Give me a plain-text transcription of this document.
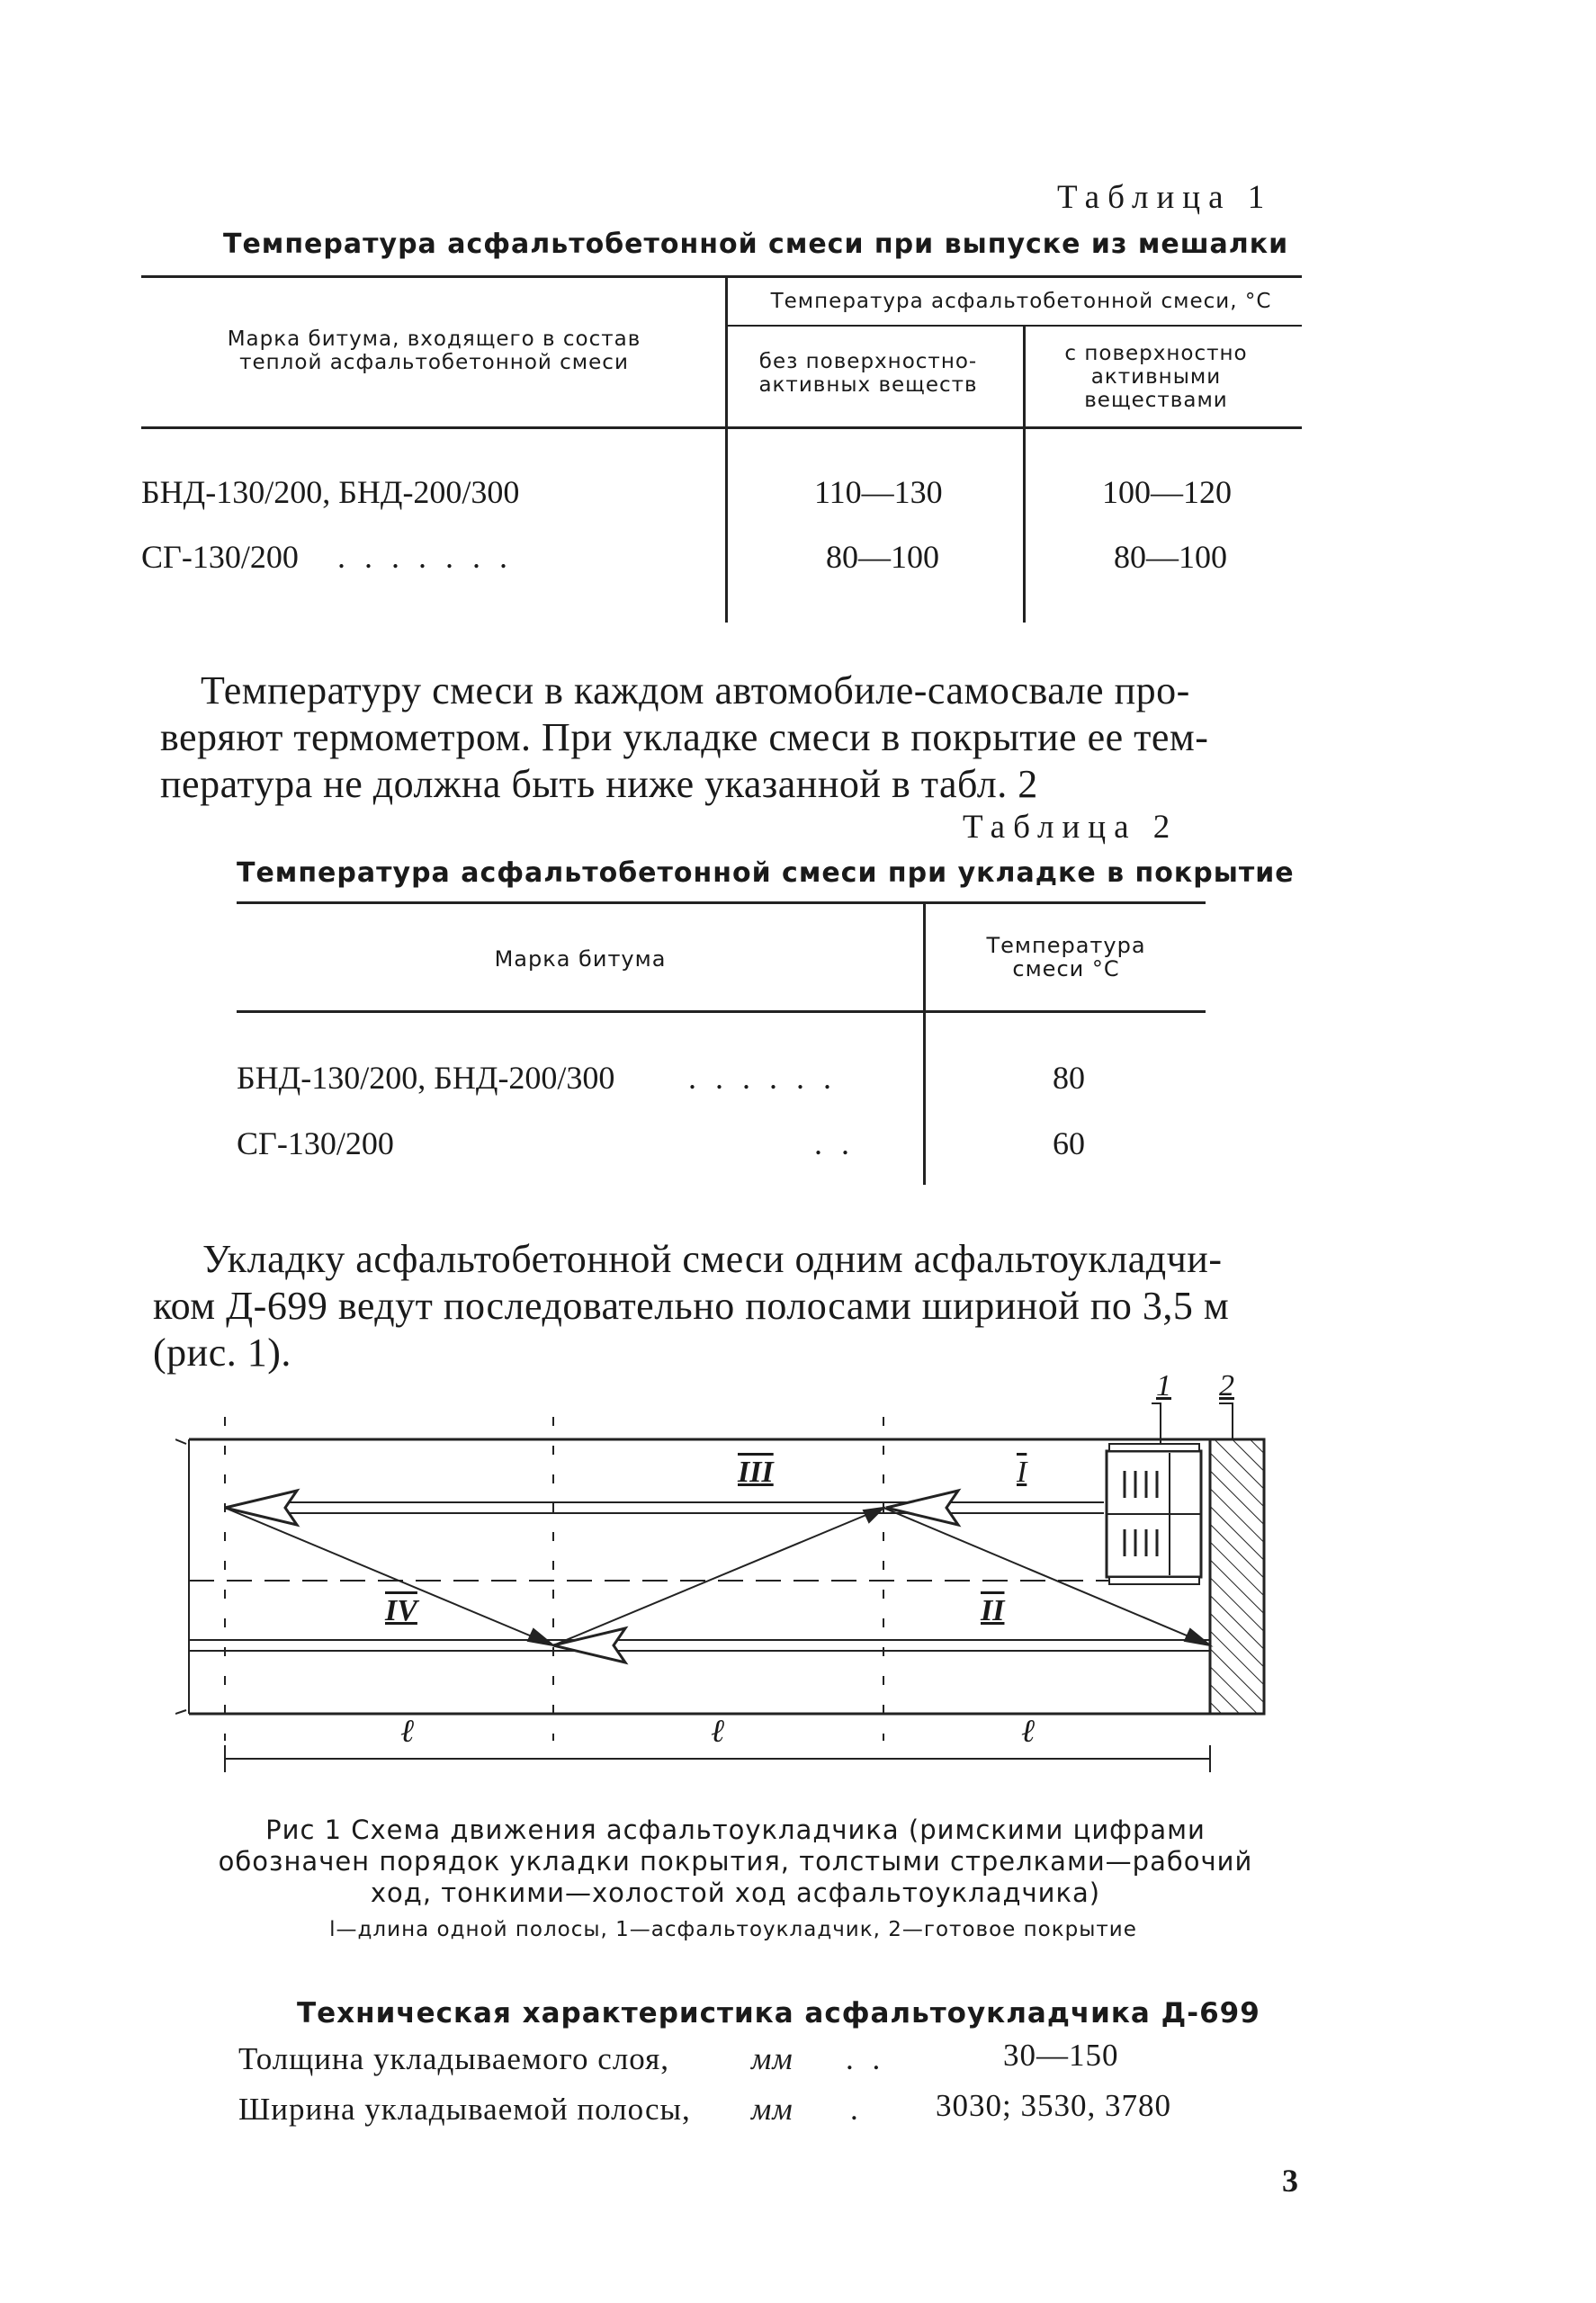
Таблица 1
Температура асфальтобетонной смеси при выпуске из мешалки
Марка битума, входящего в состав теплой асфальтобетонной смеси
Температура асфальтобетонной смеси, °С
без поверхностно-активных веществ
с поверхностно активными веществами
БНД-130/200, БНД-200/300	110—130	100—120
СГ-130/200 . . . . . . .	80—100	80—100

Температуру смеси в каждом автомобиле-самосвале про-

веряют термометром. При укладке смеси в покрытие ее тем-

пература не должна быть ниже указанной в табл. 2

Таблица 2
Температура асфальтобетонной смеси при укладке в покрытие
Марка битума
Температура смеси °С
БНД-130/200, БНД-200/300 . . . . . .	80
СГ-130/200	. .	60

Укладку асфальтобетонной смеси одним асфальтоукладчи-

ком Д-699 ведут последовательно полосами шириной по 3,5 м

(рис. 1).

1 2
III	I
IV	II
ℓ	ℓ	ℓ
Рис 1 Схема движения асфальтоукладчика (римскими цифрами
обозначен порядок укладки покрытия, толстыми стрелками—рабочий
ход, тонкими—холостой ход асфальтоукладчика)
l—длина одной полосы, 1—асфальтоукладчик, 2—готовое покрытие
Техническая характеристика асфальтоукладчика Д-699
Толщина укладываемого слоя,	мм . .	30—150
Ширина укладываемой полосы, мм . 3030; 3530, 3780
3
